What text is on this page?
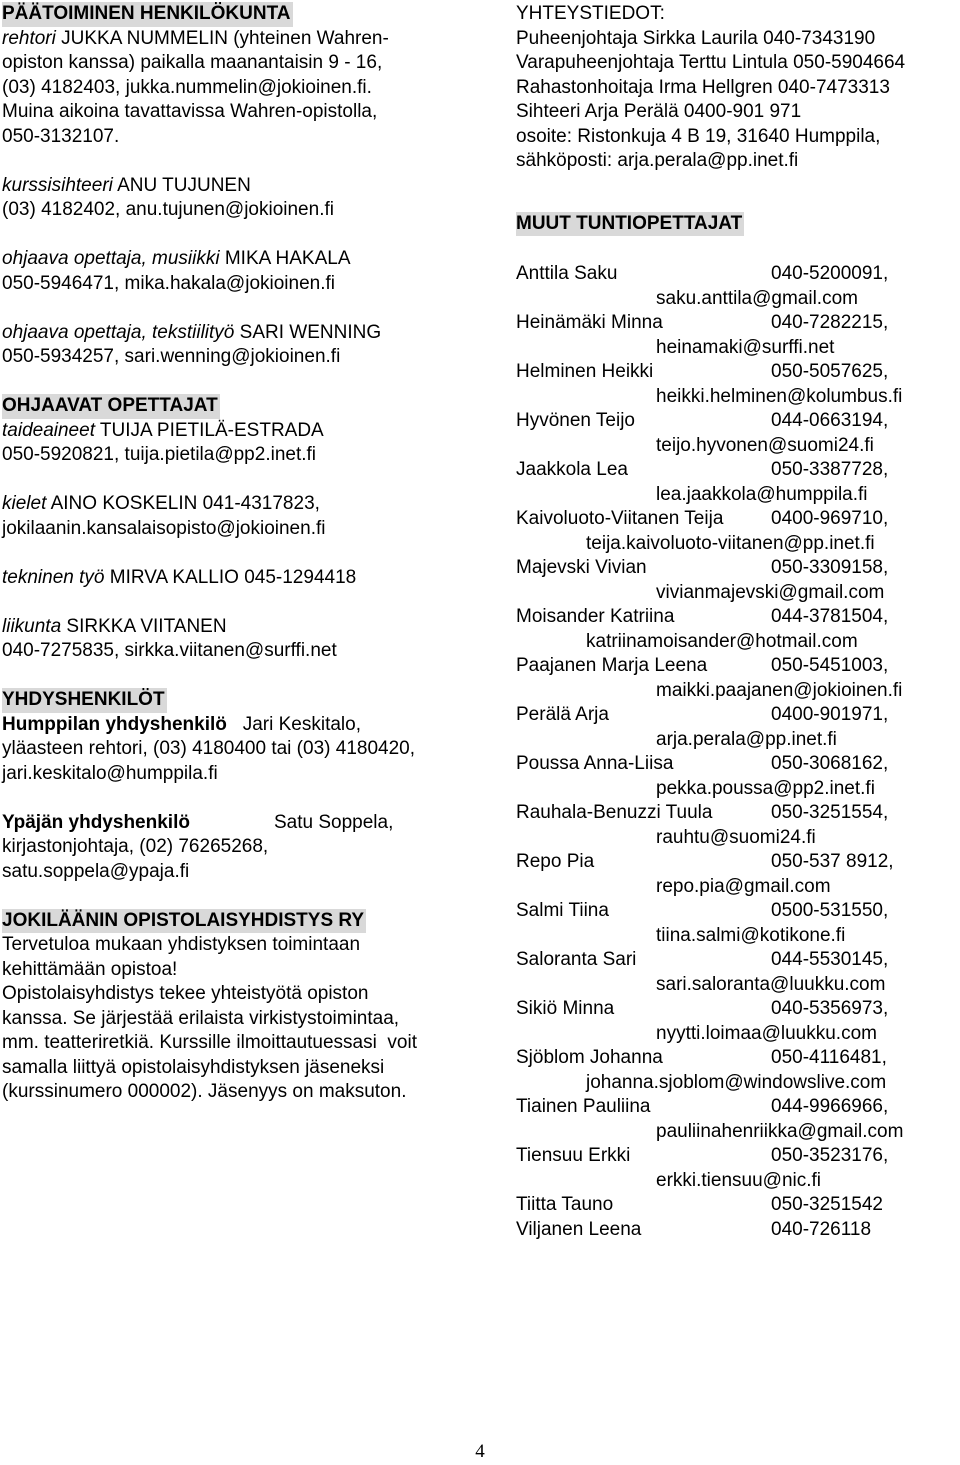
PÄÄTOIMINEN HENKILÖKUNTA
rehtori JUKKA NUMMELIN (yhteinen Wahren-
opiston kanssa) paikalla maanantaisin 9 - 16,
(03) 4182403, jukka.nummelin@jokioinen.fi.
Muina aikoina tavattavissa Wahren-opistolla,
050-3132107.
kurssisihteeri ANU TUJUNEN
(03) 4182402, anu.tujunen@jokioinen.fi
ohjaava opettaja, musiikki MIKA HAKALA
050-5946471, mika.hakala@jokioinen.fi
ohjaava opettaja, tekstiilityö SARI WENNING
050-5934257, sari.wenning@jokioinen.fi
OHJAAVAT OPETTAJAT
taideaineet TUIJA PIETILÄ-ESTRADA
050-5920821, tuija.pietila@pp2.inet.fi
kielet AINO KOSKELIN 041-4317823,
jokilaanin.kansalaisopisto@jokioinen.fi
tekninen työ MIRVA KALLIO 045-1294418
liikunta SIRKKA VIITANEN
040-7275835, sirkka.viitanen@surffi.net
YHDYSHENKILÖT
Humppilan yhdyshenkilö   Jari Keskitalo,
yläasteen rehtori, (03) 4180400 tai (03) 4180420,
jari.keskitalo@humppila.fi
Ypäjän yhdyshenkilö	Satu Soppela,
kirjastonjohtaja, (02) 76265268,
satu.soppela@ypaja.fi
JOKILÄÄNIN OPISTOLAISYHDISTYS RY
Tervetuloa mukaan yhdistyksen toimintaan
kehittämään opistoa!
Opistolaisyhdistys tekee yhteistyötä opiston
kanssa. Se järjestää erilaista virkistystoimintaa,
mm. teatteriretkiä. Kurssille ilmoittautuessasi  voit
samalla liittyä opistolaisyhdistyksen jäseneksi
(kurssinumero 000002). Jäsenyys on maksuton.
YHTEYSTIEDOT:
Puheenjohtaja Sirkka Laurila 040-7343190
Varapuheenjohtaja Terttu Lintula 050-5904664
Rahastonhoitaja Irma Hellgren 040-7473313
Sihteeri Arja Perälä 0400-901 971
osoite: Ristonkuja 4 B 19, 31640 Humppila,
sähköposti: arja.perala@pp.inet.fi
MUUT TUNTIOPETTAJAT
Anttila Saku	040-5200091,
saku.anttila@gmail.com
Heinämäki Minna	040-7282215,
heinamaki@surffi.net
Helminen Heikki	050-5057625,
heikki.helminen@kolumbus.fi
Hyvönen Teijo	044-0663194,
teijo.hyvonen@suomi24.fi
Jaakkola Lea	050-3387728,
lea.jaakkola@humppila.fi
Kaivoluoto-Viitanen Teija	0400-969710,
teija.kaivoluoto-viitanen@pp.inet.fi
Majevski Vivian	050-3309158,
vivianmajevski@gmail.com
Moisander Katriina	044-3781504,
katriinamoisander@hotmail.com
Paajanen Marja Leena	050-5451003,
maikki.paajanen@jokioinen.fi
Perälä Arja	0400-901971,
arja.perala@pp.inet.fi
Poussa Anna-Liisa	050-3068162,
pekka.poussa@pp2.inet.fi
Rauhala-Benuzzi Tuula	050-3251554,
rauhtu@suomi24.fi
Repo Pia	050-537 8912,
repo.pia@gmail.com
Salmi Tiina	0500-531550,
tiina.salmi@kotikone.fi
Saloranta Sari	044-5530145,
sari.saloranta@luukku.com
Sikiö Minna	040-5356973,
nyytti.loimaa@luukku.com
Sjöblom Johanna	050-4116481,
johanna.sjoblom@windowslive.com
Tiainen Pauliina	044-9966966,
pauliinahenriikka@gmail.com
Tiensuu Erkki	050-3523176,
erkki.tiensuu@nic.fi
Tiitta Tauno	050-3251542
Viljanen Leena	040-726118
4
